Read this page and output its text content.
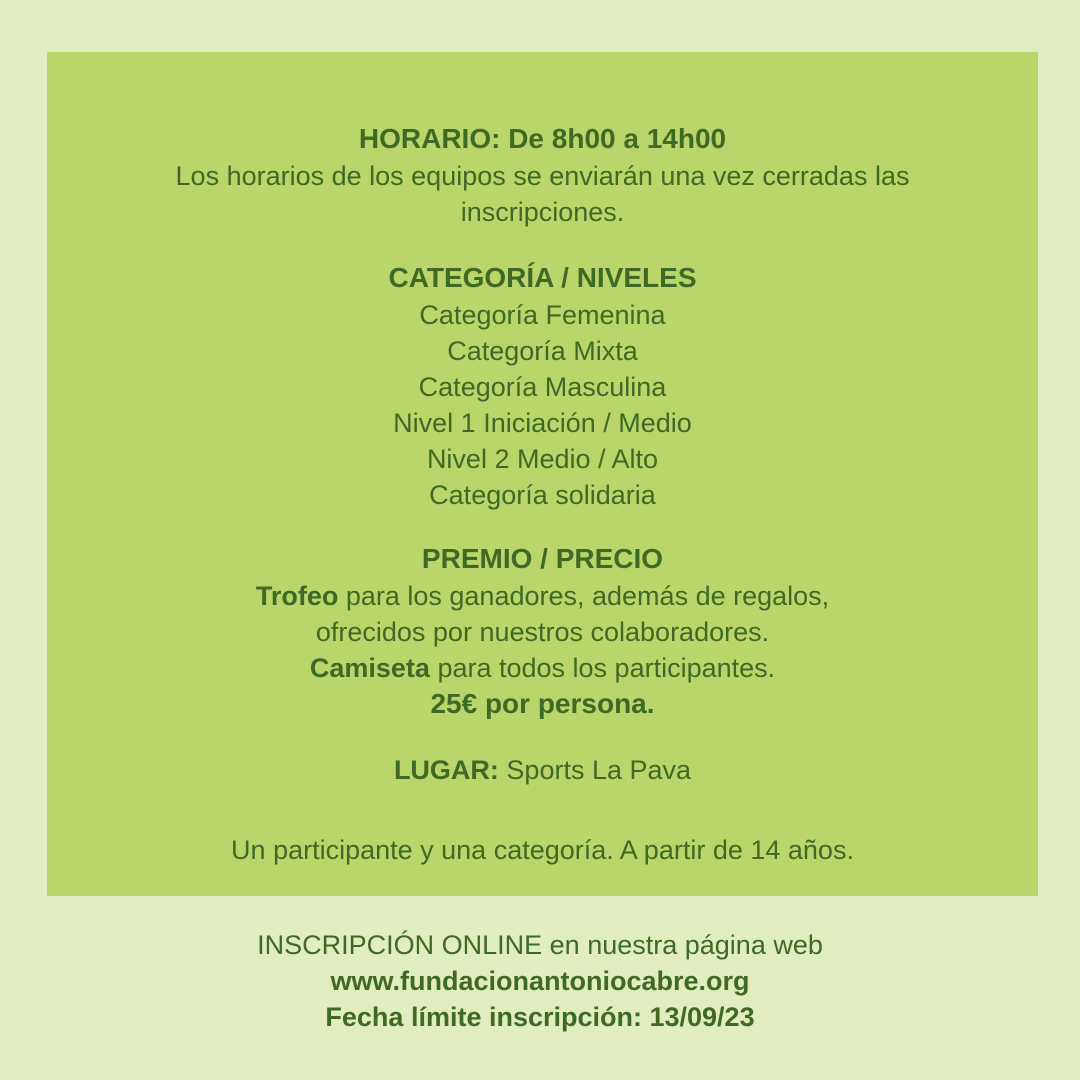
HORARIO: De 8h00 a 14h00
Los horarios de los equipos se enviarán una vez cerradas las
inscripciones.
CATEGORÍA / NIVELES
Categoría Femenina
Categoría Mixta
Categoría Masculina
Nivel 1 Iniciación / Medio
Nivel 2 Medio / Alto
Categoría solidaria
PREMIO / PRECIO
Trofeo para los ganadores, además de regalos,
ofrecidos por nuestros colaboradores.
Camiseta para todos los participantes.
25€ por persona.
LUGAR: Sports La Pava
Un participante y una categoría. A partir de 14 años.
INSCRIPCIÓN ONLINE en nuestra página web
www.fundacionantoniocabre.org
Fecha límite inscripción: 13/09/23
